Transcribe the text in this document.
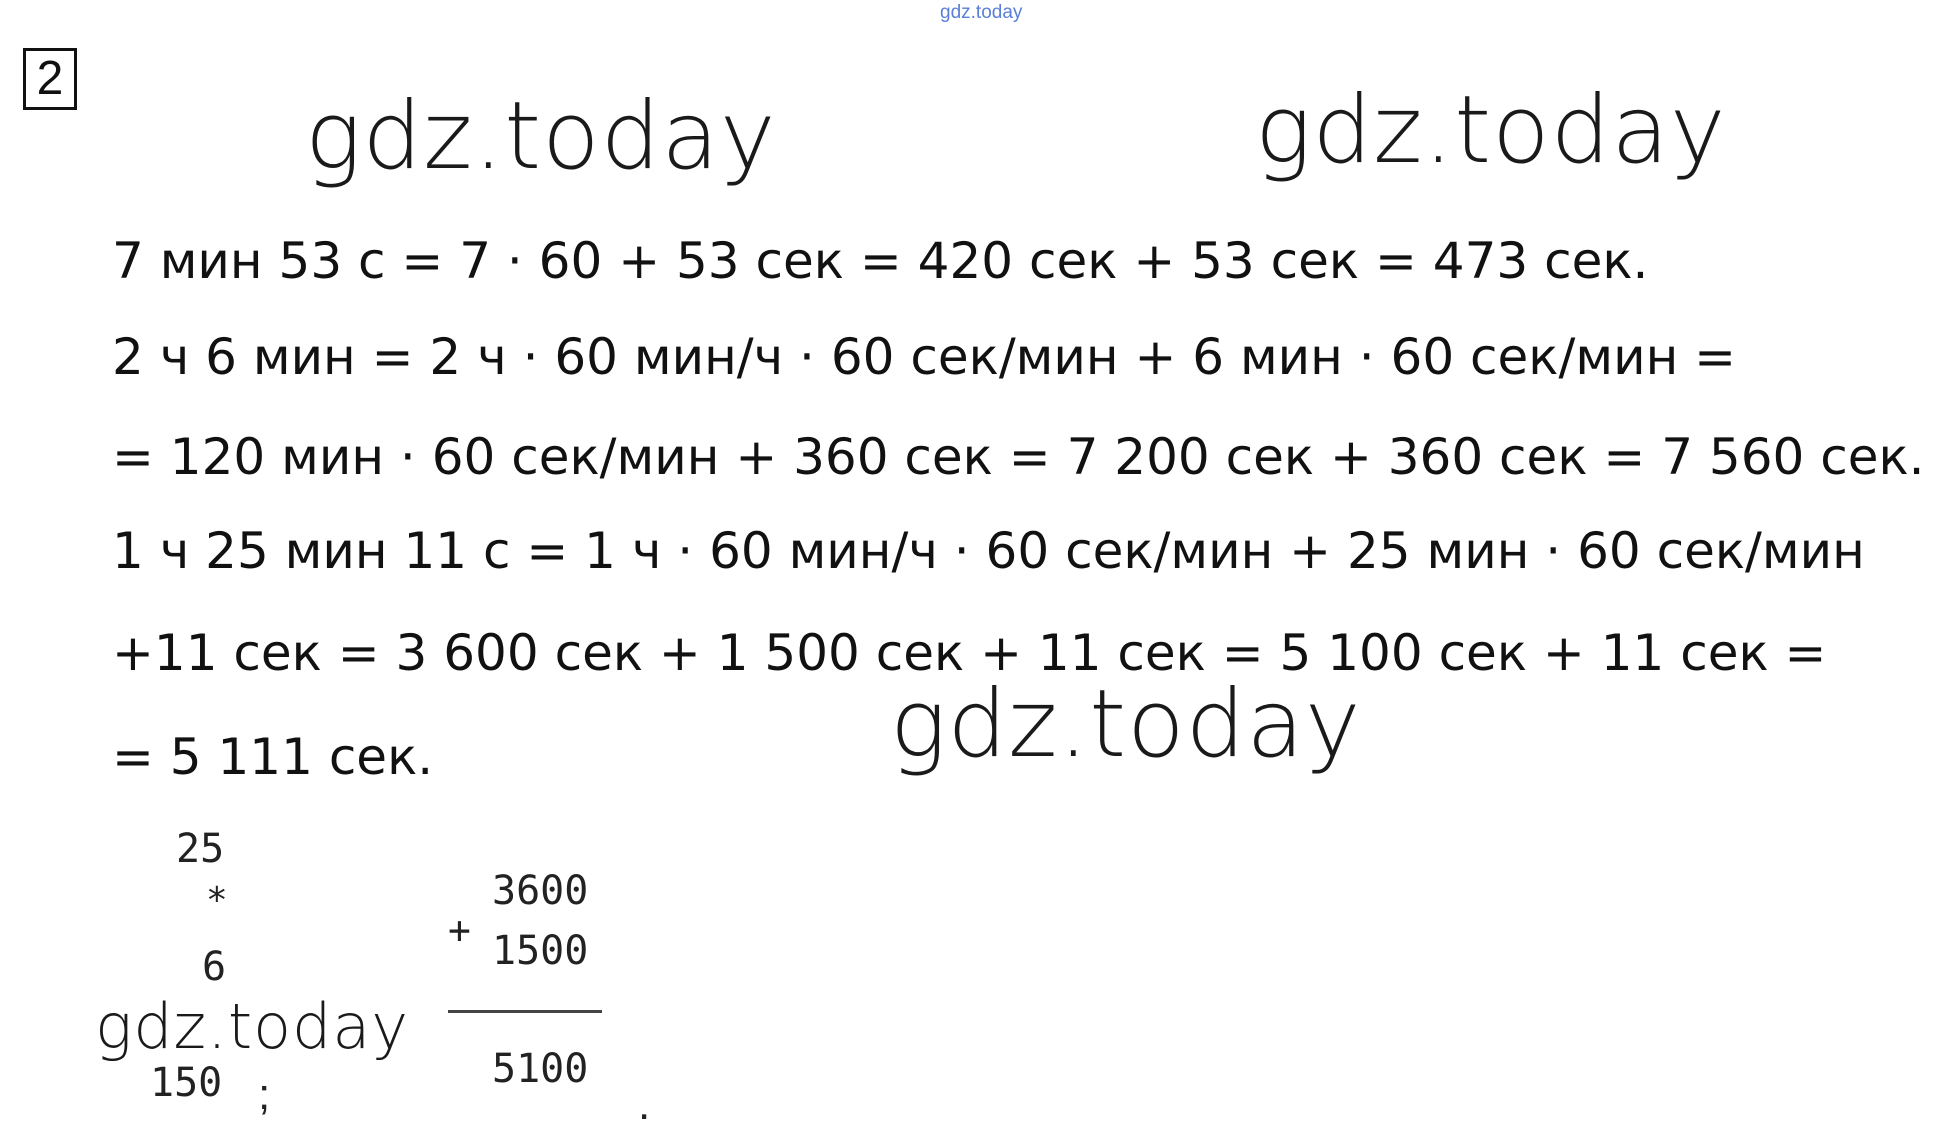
gdz.today
2
gdz.today	gdz.today
7 мин 53 с = 7 · 60 + 53 сек = 420 сек + 53 сек = 473 сек.
2 ч 6 мин = 2 ч · 60 мин/ч · 60 сек/мин + 6 мин · 60 сек/мин =
= 120 мин · 60 сек/мин + 360 сек = 7 200 сек + 360 сек = 7 560 сек.
1 ч 25 мин 11 с = 1 ч · 60 мин/ч · 60 сек/мин + 25 мин · 60 сек/мин
+11 сек = 3 600 сек + 1 500 сек + 11 сек = 5 100 сек + 11 сек =
= 5 111 сек.	gdz.today
25
*
6
150 ;
3600
+ 1500
5100
.
gdz.today
